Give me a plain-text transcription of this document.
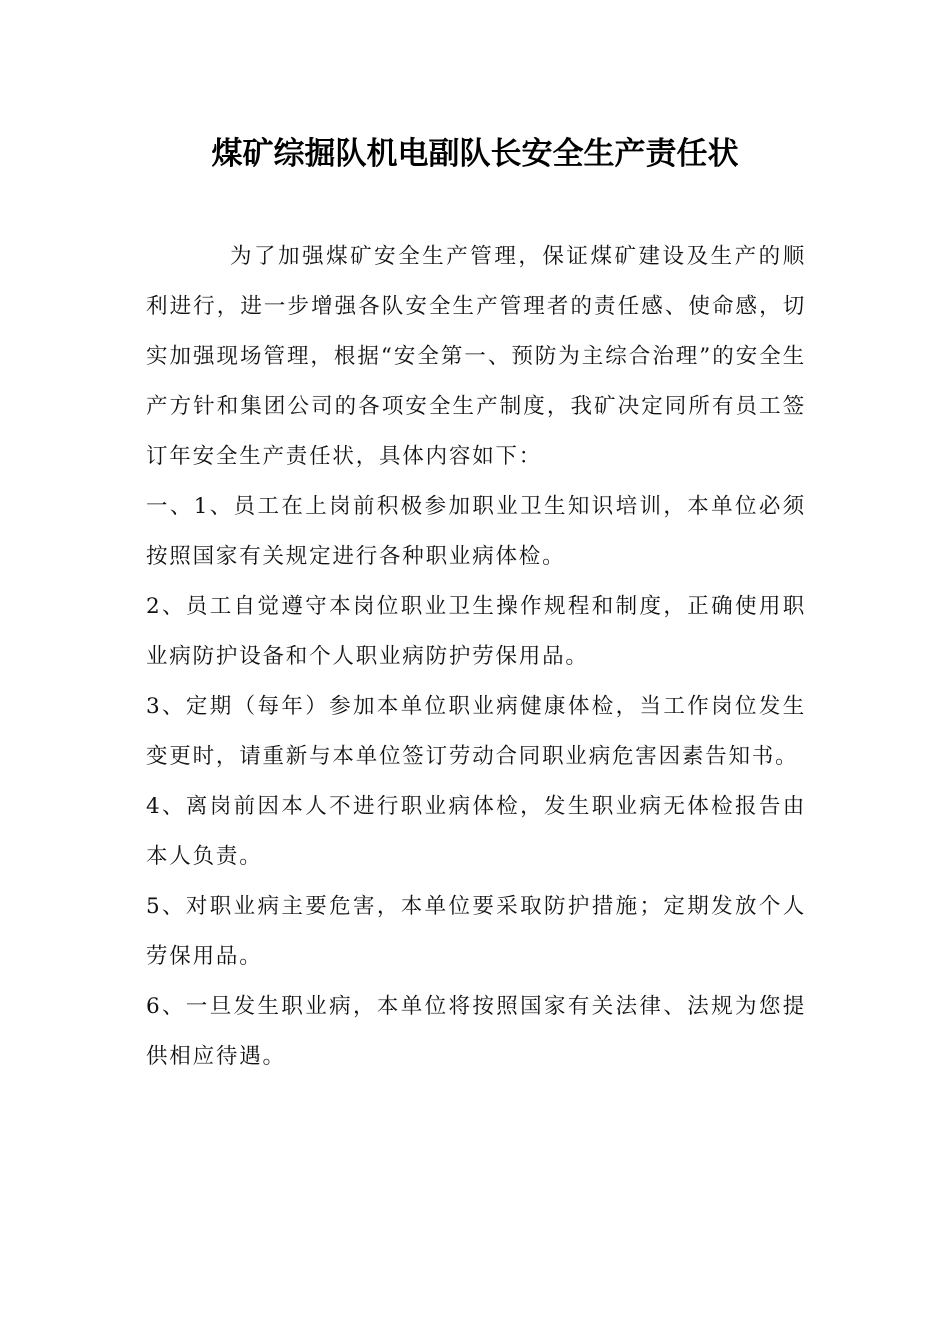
煤矿综掘队机电副队长安全生产责任状

为了加强煤矿安全生产管理，保证煤矿建设及生产的顺利进行，进一步增强各队安全生产管理者的责任感、使命感，切实加强现场管理，根据“安全第一、预防为主综合治理”的安全生产方针和集团公司的各项安全生产制度，我矿决定同所有员工签订年安全生产责任状，具体内容如下：

一、1、员工在上岗前积极参加职业卫生知识培训，本单位必须按照国家有关规定进行各种职业病体检。

2、员工自觉遵守本岗位职业卫生操作规程和制度，正确使用职业病防护设备和个人职业病防护劳保用品。

3、定期（每年）参加本单位职业病健康体检，当工作岗位发生变更时，请重新与本单位签订劳动合同职业病危害因素告知书。

4、离岗前因本人不进行职业病体检，发生职业病无体检报告由本人负责。

5、对职业病主要危害，本单位要采取防护措施；定期发放个人劳保用品。

6、一旦发生职业病，本单位将按照国家有关法律、法规为您提供相应待遇。
